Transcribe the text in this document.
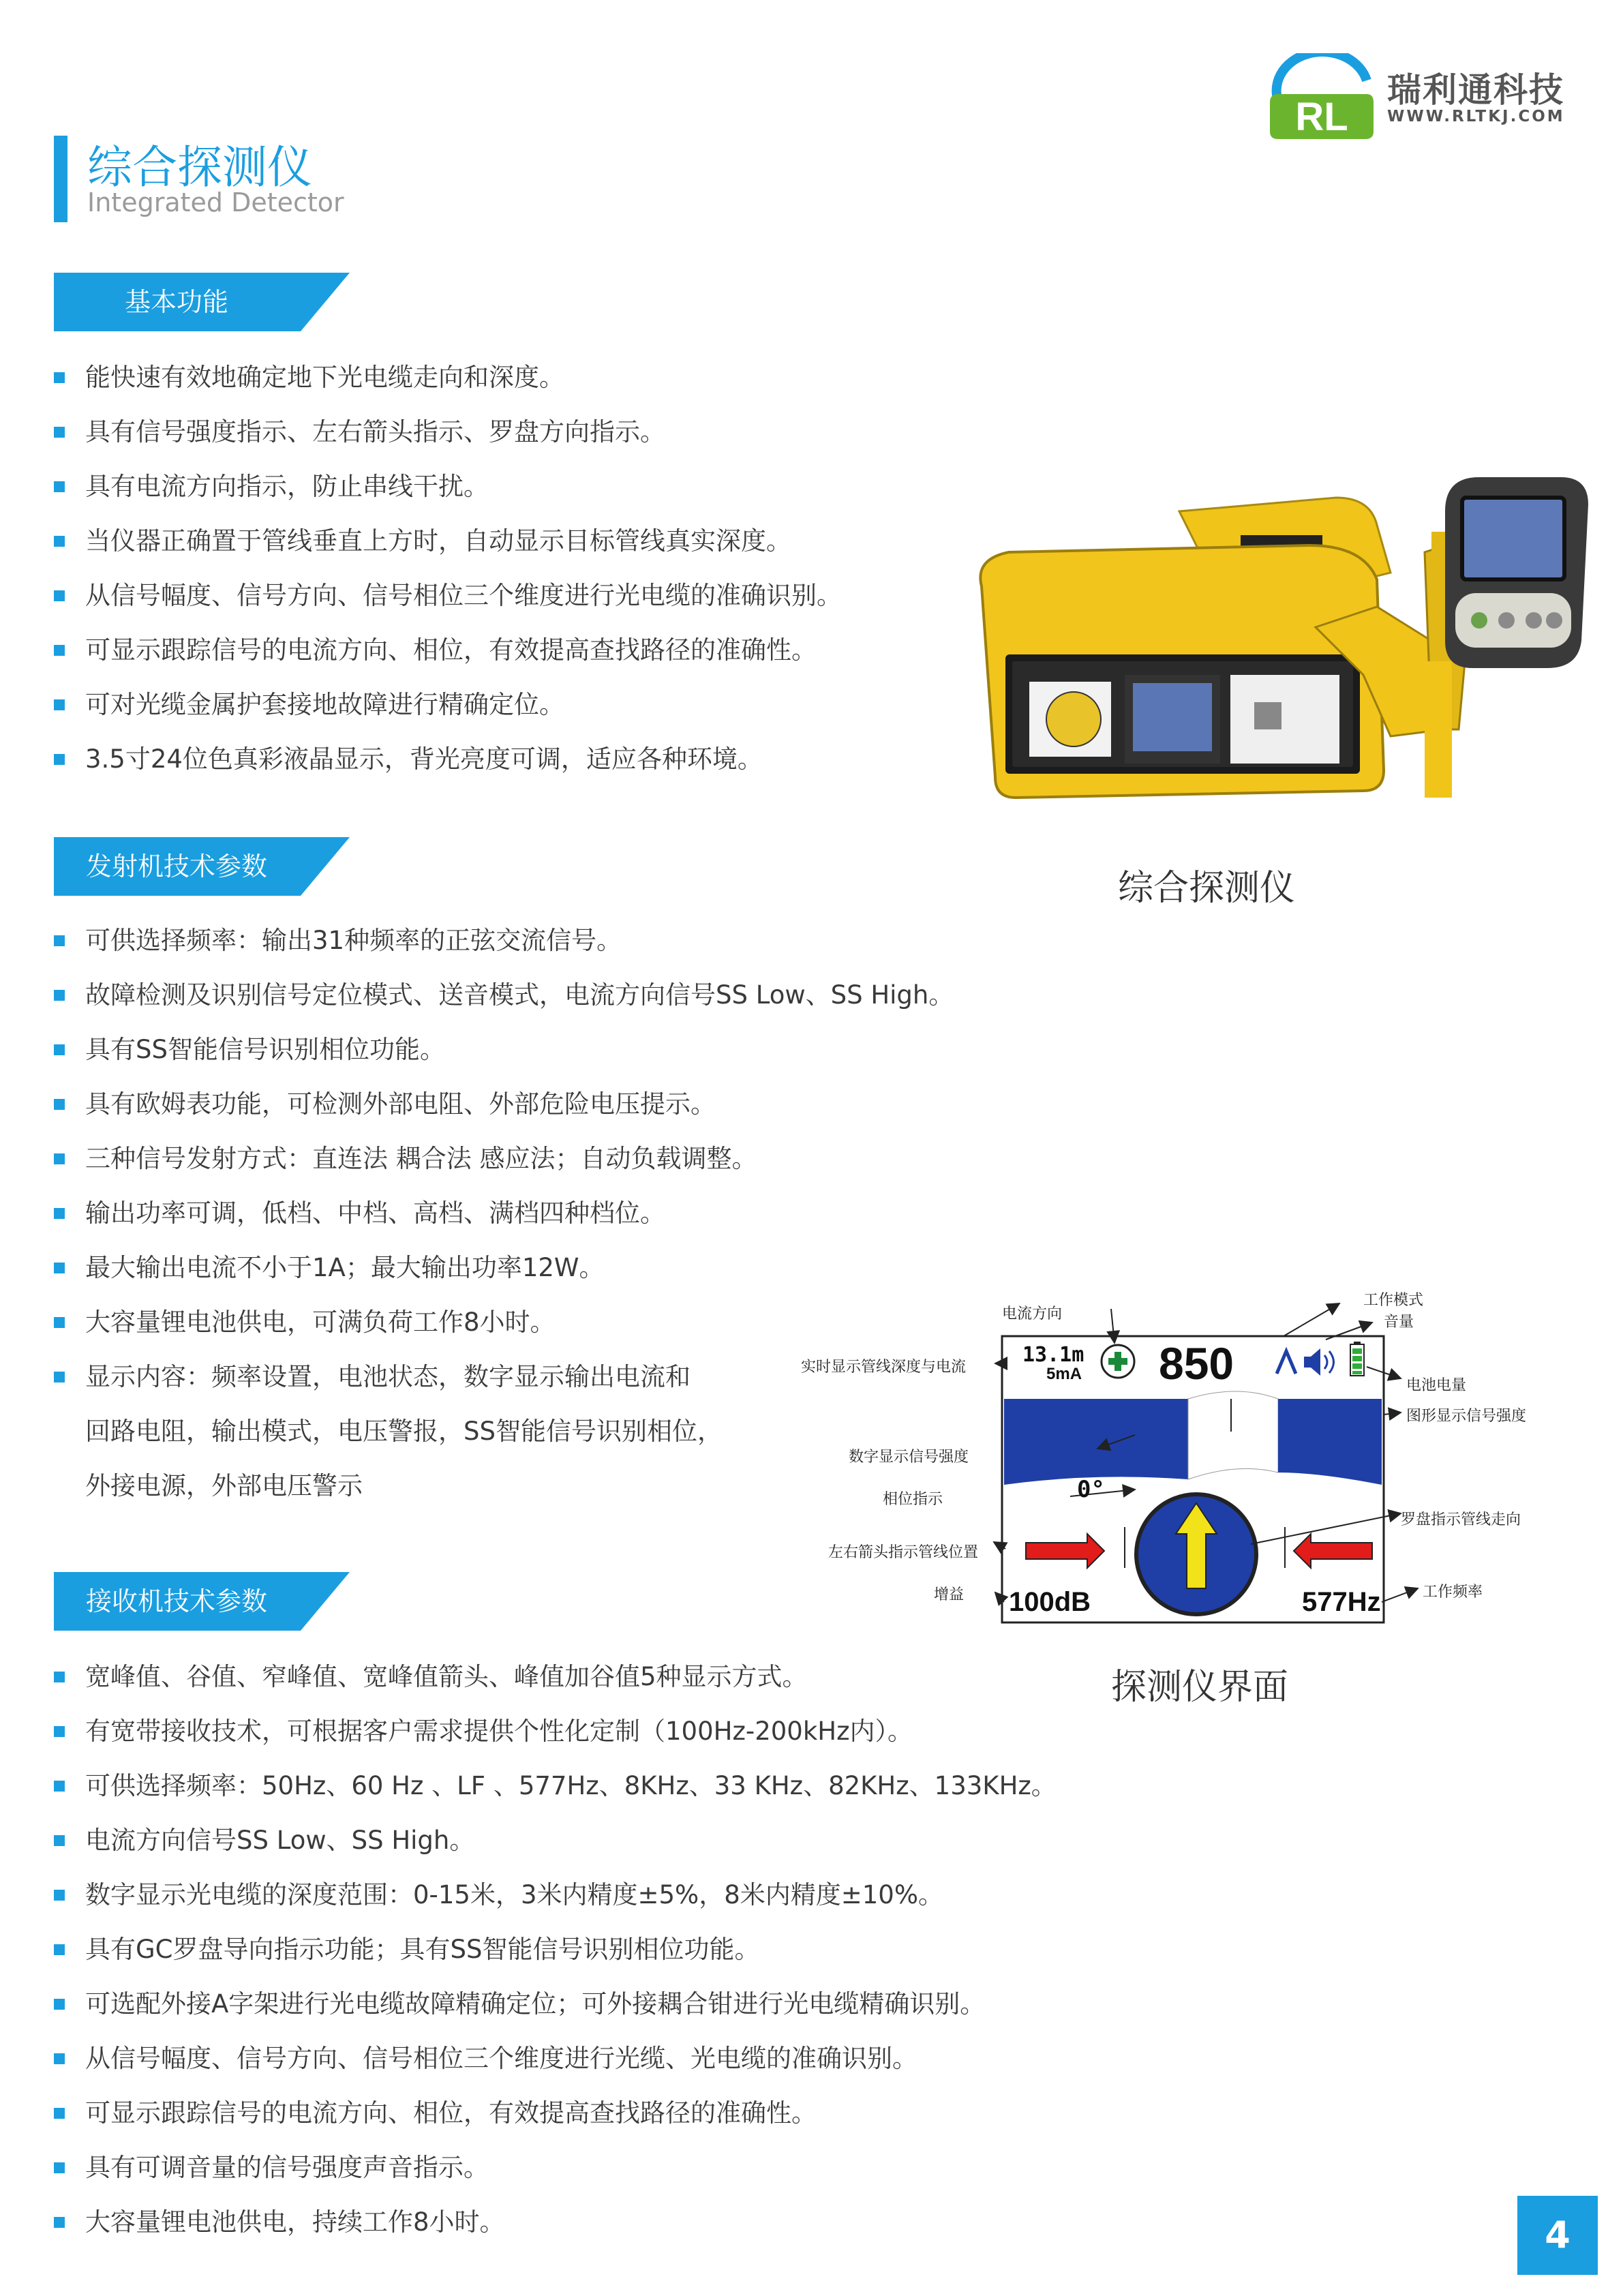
RL
瑞利通科技
WWW.RLTKJ.COM
综合探测仪
Integrated Detector
基本功能
能快速有效地确定地下光电缆走向和深度。
具有信号强度指示、左右箭头指示、罗盘方向指示。
具有电流方向指示，防止串线干扰。
当仪器正确置于管线垂直上方时，自动显示目标管线真实深度。
从信号幅度、信号方向、信号相位三个维度进行光电缆的准确识别。
可显示跟踪信号的电流方向、相位，有效提高查找路径的准确性。
可对光缆金属护套接地故障进行精确定位。
3.5寸24位色真彩液晶显示，背光亮度可调，适应各种环境。
综合探测仪
发射机技术参数
可供选择频率：输出31种频率的正弦交流信号。
故障检测及识别信号定位模式、送音模式，电流方向信号SS Low、SS High。
具有SS智能信号识别相位功能。
具有欧姆表功能，可检测外部电阻、外部危险电压提示。
三种信号发射方式：直连法 耦合法 感应法；自动负载调整。
输出功率可调，低档、中档、高档、满档四种档位。
最大输出电流不小于1A；最大输出功率12W。
大容量锂电池供电，可满负荷工作8小时。
显示内容：频率设置，电池状态，数字显示输出电流和
回路电阻，输出模式，电压警报，SS智能信号识别相位，
外接电源，外部电压警示
13.1m
5mA 850
0°
100dB	577Hz
工作模式
电流方向	音量
实时显示管线深度与电流
电池电量
图形显示信号强度
数字显示信号强度
相位指示
罗盘指示管线走向
左右箭头指示管线位置
增益	工作频率
探测仪界面
接收机技术参数
宽峰值、谷值、窄峰值、宽峰值箭头、峰值加谷值5种显示方式。
有宽带接收技术，可根据客户需求提供个性化定制（100Hz-200kHz内）。
可供选择频率：50Hz、60 Hz 、LF 、577Hz、8KHz、33 KHz、82KHz、133KHz。
电流方向信号SS Low、SS High。
数字显示光电缆的深度范围：0-15米，3米内精度±5%，8米内精度±10%。
具有GC罗盘导向指示功能；具有SS智能信号识别相位功能。
可选配外接A字架进行光电缆故障精确定位；可外接耦合钳进行光电缆精确识别。
从信号幅度、信号方向、信号相位三个维度进行光缆、光电缆的准确识别。
可显示跟踪信号的电流方向、相位，有效提高查找路径的准确性。
具有可调音量的信号强度声音指示。
大容量锂电池供电，持续工作8小时。	4
